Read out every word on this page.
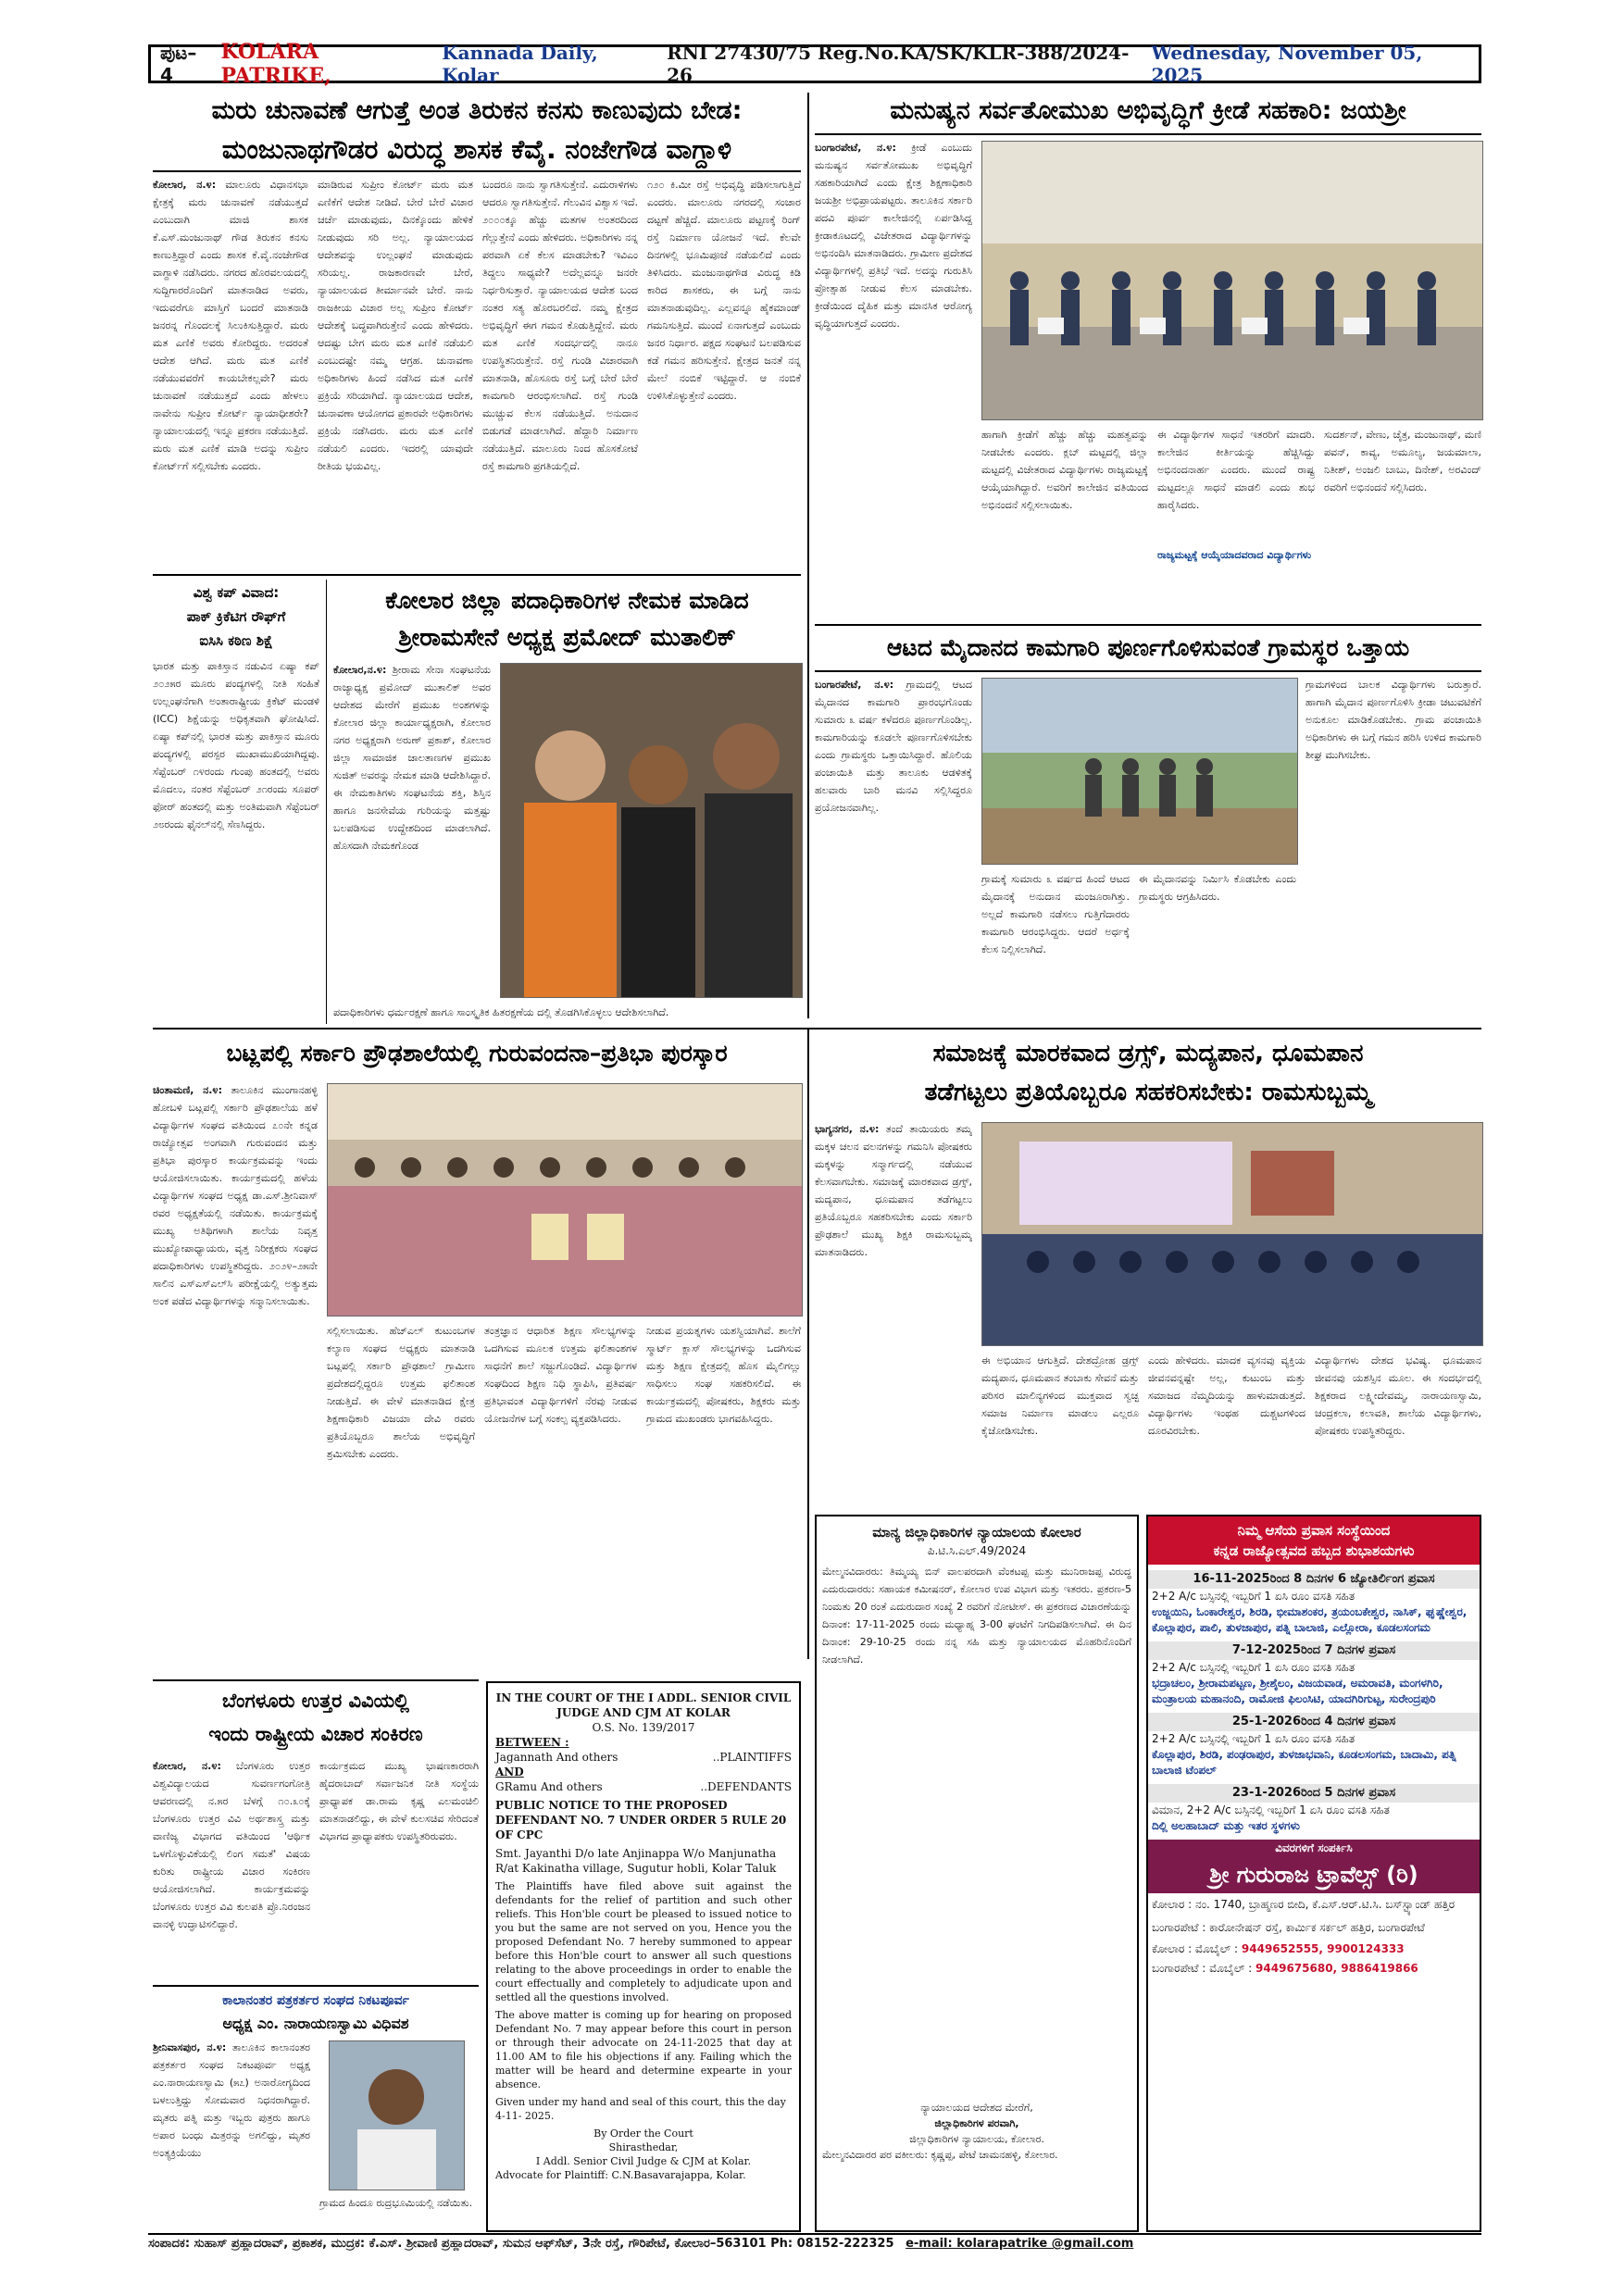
ಪುಟ–4
KOLARA PATRIKE,
Kannada Daily, Kolar
RNI 27430/75 Reg.No.KA/SK/KLR-388/2024-26
Wednesday, November 05, 2025
ಮರು ಚುನಾವಣೆ ಆಗುತ್ತೆ ಅಂತ ತಿರುಕನ ಕನಸು ಕಾಣುವುದು ಬೇಡ:
ಮಂಜುನಾಥಗೌಡರ ವಿರುದ್ಧ ಶಾಸಕ ಕೆವೈ. ನಂಜೇಗೌಡ ವಾಗ್ದಾಳಿ
ಕೋಲಾರ, ನ.೪: ಮಾಲೂರು ವಿಧಾನಸಭಾ ಕ್ಷೇತ್ರಕ್ಕೆ ಮರು ಚುನಾವಣೆ ನಡೆಯುತ್ತದೆ ಎಂಬುದಾಗಿ ಮಾಜಿ ಶಾಸಕ ಕೆ.ಎಸ್.ಮಂಜುನಾಥ್ ಗೌಡ ತಿರುಕನ ಕನಸು ಕಾಣುತ್ತಿದ್ದಾರೆ ಎಂದು ಶಾಸಕ ಕೆ.ವೈ.ನಂಜೇಗೌಡ ವಾಗ್ದಾಳಿ ನಡೆಸಿದರು. ನಗರದ ಹೊರವಲಯದಲ್ಲಿ ಸುದ್ದಿಗಾರರೊಂದಿಗೆ ಮಾತನಾಡಿದ ಅವರು, ಇದುವರೆಗೂ ಮಾಸ್ತಿಗೆ ಬಂದರೆ ಮಾತನಾಡಿ ಜನರನ್ನ ಗೊಂದಲಕ್ಕೆ ಸಿಲುಕಿಸುತ್ತಿದ್ದಾರೆ. ಮರು ಮತ ಎಣಿಕೆ ಅವರು ಕೋರಿದ್ದರು. ಅದರಂತೆ ಆದೇಶ ಆಗಿದೆ. ಮರು ಮತ ಎಣಿಕೆ ನಡೆಯುವವರೆಗೆ ಕಾಯಬೇಕಲ್ಲವೇ? ಮರು ಚುನಾವಣೆ ನಡೆಯುತ್ತದೆ ಎಂದು ಹೇಳಲು ನಾವೇನು ಸುಪ್ರೀಂ ಕೋರ್ಟ್ ನ್ಯಾಯಾಧೀಶರೇ? ನ್ಯಾಯಾಲಯದಲ್ಲಿ ಇನ್ನೂ ಪ್ರಕರಣ ನಡೆಯುತ್ತಿದೆ. ಮರು ಮತ ಎಣಿಕೆ ಮಾಡಿ ಅದನ್ನು ಸುಪ್ರೀಂ ಕೋರ್ಟ್‌ಗೆ ಸಲ್ಲಿಸಬೇಕು ಎಂದರು.
ಮಾಡಿರುವ ಸುಪ್ರೀಂ ಕೋರ್ಟ್ ಮರು ಮತ ಎಣಿಕೆಗೆ ಆದೇಶ ನೀಡಿದೆ. ಬೇರೆ ಬೇರೆ ವಿಚಾರ ಚರ್ಚೆ ಮಾಡುವುದು, ದಿನಕ್ಕೊಂದು ಹೇಳಿಕೆ ನೀಡುವುದು ಸರಿ ಅಲ್ಲ. ನ್ಯಾಯಾಲಯದ ಆದೇಶವನ್ನು ಉಲ್ಲಂಘನೆ ಮಾಡುವುದು ಸರಿಯಲ್ಲ. ರಾಜಕಾರಣವೇ ಬೇರೆ, ನ್ಯಾಯಾಲಯದ ತೀರ್ಮಾನವೇ ಬೇರೆ. ನಾನು ರಾಜಕೀಯ ವಿಚಾರ ಅಲ್ಲ ಸುಪ್ರೀಂ ಕೋರ್ಟ್ ಆದೇಶಕ್ಕೆ ಬದ್ಧವಾಗಿರುತ್ತೇನೆ ಎಂದು ಹೇಳಿದರು. ಆದಷ್ಟು ಬೇಗ ಮರು ಮತ ಎಣಿಕೆ ನಡೆಯಲಿ ಎಂಬುದಷ್ಟೇ ನಮ್ಮ ಆಗ್ರಹ. ಚುನಾವಣಾ ಅಧಿಕಾರಿಗಳು ಹಿಂದೆ ನಡೆಸಿದ ಮತ ಎಣಿಕೆ ಪ್ರಕ್ರಿಯೆ ಸರಿಯಾಗಿದೆ. ನ್ಯಾಯಾಲಯದ ಆದೇಶ, ಚುನಾವಣಾ ಆಯೋಗದ ಪ್ರಕಾರವೇ ಅಧಿಕಾರಿಗಳು ಪ್ರಕ್ರಿಯೆ ನಡೆಸಿದರು. ಮರು ಮತ ಎಣಿಕೆ ನಡೆಯಲಿ ಎಂದರು. ಇದರಲ್ಲಿ ಯಾವುದೇ ರೀತಿಯ ಭಯವಿಲ್ಲ.
ಬಂದರೂ ನಾನು ಸ್ವಾಗತಿಸುತ್ತೇನೆ. ಎದುರಾಳಿಗಳು ಆದರೂ ಸ್ವಾಗತಿಸುತ್ತೇನೆ. ಗೆಲುವಿನ ವಿಶ್ವಾಸ ಇದೆ. ೨೦೦೦ಕ್ಕೂ ಹೆಚ್ಚು ಮತಗಳ ಅಂತರದಿಂದ ಗೆಲ್ಲುತ್ತೇನೆ ಎಂದು ಹೇಳಿದರು. ಅಧಿಕಾರಿಗಳು ನನ್ನ ಪರವಾಗಿ ಏಕೆ ಕೆಲಸ ಮಾಡಬೇಕು? ಇವಿಎಂ ತಿದ್ದಲು ಸಾಧ್ಯವೇ? ಅದೆಲ್ಲವನ್ನೂ ಜನರೇ ನಿರ್ಧರಿಸುತ್ತಾರೆ. ನ್ಯಾಯಾಲಯದ ಆದೇಶ ಬಂದ ನಂತರ ಸತ್ಯ ಹೊರಬರಲಿದೆ. ನಮ್ಮ ಕ್ಷೇತ್ರದ ಅಭಿವೃದ್ಧಿಗೆ ಈಗ ಗಮನ ಕೊಡುತ್ತಿದ್ದೇನೆ. ಮರು ಮತ ಎಣಿಕೆ ಸಂದರ್ಭದಲ್ಲಿ ನಾನೂ ಉಪಸ್ಥಿತನಿರುತ್ತೇನೆ. ರಸ್ತೆ ಗುಂಡಿ ವಿಚಾರವಾಗಿ ಮಾತನಾಡಿ, ಹೊಸೂರು ರಸ್ತೆ ಬಗ್ಗೆ ಬೇರೆ ಬೇರೆ ಕಾಮಗಾರಿ ಆರಂಭಿಸಲಾಗಿದೆ. ರಸ್ತೆ ಗುಂಡಿ ಮುಚ್ಚುವ ಕೆಲಸ ನಡೆಯುತ್ತಿದೆ. ಅನುದಾನ ಬಿಡುಗಡೆ ಮಾಡಲಾಗಿದೆ. ಹೆದ್ದಾರಿ ನಿರ್ಮಾಣ ನಡೆಯುತ್ತಿದೆ. ಮಾಲೂರು ನಿಂದ ಹೊಸಕೋಟೆ ರಸ್ತೆ ಕಾಮಗಾರಿ ಪ್ರಗತಿಯಲ್ಲಿದೆ.
೧೨೦ ಕಿ.ಮೀ ರಸ್ತೆ ಅಭಿವೃದ್ಧಿ ಪಡಿಸಲಾಗುತ್ತಿದೆ ಎಂದರು. ಮಾಲೂರು ನಗರದಲ್ಲಿ ಸಂಚಾರ ದಟ್ಟಣೆ ಹೆಚ್ಚಿದೆ. ಮಾಲೂರು ಪಟ್ಟಣಕ್ಕೆ ರಿಂಗ್ ರಸ್ತೆ ನಿರ್ಮಾಣ ಯೋಜನೆ ಇದೆ. ಕೆಲವೇ ದಿನಗಳಲ್ಲಿ ಭೂಮಿಪೂಜೆ ನಡೆಯಲಿದೆ ಎಂದು ತಿಳಿಸಿದರು. ಮಂಜುನಾಥಗೌಡ ವಿರುದ್ಧ ಕಿಡಿ ಕಾರಿದ ಶಾಸಕರು, ಈ ಬಗ್ಗೆ ನಾನು ಮಾತನಾಡುವುದಿಲ್ಲ. ಎಲ್ಲವನ್ನೂ ಹೈಕಮಾಂಡ್ ಗಮನಿಸುತ್ತಿದೆ. ಮುಂದೆ ಏನಾಗುತ್ತದೆ ಎಂಬುದು ಜನರ ನಿರ್ಧಾರ. ಪಕ್ಷದ ಸಂಘಟನೆ ಬಲಪಡಿಸುವ ಕಡೆ ಗಮನ ಹರಿಸುತ್ತೇನೆ. ಕ್ಷೇತ್ರದ ಜನತೆ ನನ್ನ ಮೇಲೆ ನಂಬಿಕೆ ಇಟ್ಟಿದ್ದಾರೆ. ಆ ನಂಬಿಕೆ ಉಳಿಸಿಕೊಳ್ಳುತ್ತೇನೆ ಎಂದರು.
ಮನುಷ್ಯನ ಸರ್ವತೋಮುಖ ಅಭಿವೃದ್ಧಿಗೆ ಕ್ರೀಡೆ ಸಹಕಾರಿ: ಜಯಶ್ರೀ
ಬಂಗಾರಪೇಟೆ, ನ.೪: ಕ್ರೀಡೆ ಎಂಬುದು ಮನುಷ್ಯನ ಸರ್ವತೋಮುಖ ಅಭಿವೃದ್ಧಿಗೆ ಸಹಕಾರಿಯಾಗಿದೆ ಎಂದು ಕ್ಷೇತ್ರ ಶಿಕ್ಷಣಾಧಿಕಾರಿ ಜಯಶ್ರೀ ಅಭಿಪ್ರಾಯಪಟ್ಟರು. ತಾಲೂಕಿನ ಸರ್ಕಾರಿ ಪದವಿ ಪೂರ್ವ ಕಾಲೇಜಿನಲ್ಲಿ ಏರ್ಪಡಿಸಿದ್ದ ಕ್ರೀಡಾಕೂಟದಲ್ಲಿ ವಿಜೇತರಾದ ವಿದ್ಯಾರ್ಥಿಗಳನ್ನು ಅಭಿನಂದಿಸಿ ಮಾತನಾಡಿದರು. ಗ್ರಾಮೀಣ ಪ್ರದೇಶದ ವಿದ್ಯಾರ್ಥಿಗಳಲ್ಲಿ ಪ್ರತಿಭೆ ಇದೆ. ಅದನ್ನು ಗುರುತಿಸಿ ಪ್ರೋತ್ಸಾಹ ನೀಡುವ ಕೆಲಸ ಮಾಡಬೇಕು. ಕ್ರೀಡೆಯಿಂದ ದೈಹಿಕ ಮತ್ತು ಮಾನಸಿಕ ಆರೋಗ್ಯ ವೃದ್ಧಿಯಾಗುತ್ತದೆ ಎಂದರು.
ಹಾಗಾಗಿ ಕ್ರೀಡೆಗೆ ಹೆಚ್ಚು ಹೆಚ್ಚು ಮಹತ್ವವನ್ನು ನೀಡಬೇಕು ಎಂದರು. ಕ್ಲಬ್ ಮಟ್ಟದಲ್ಲಿ ಜಿಲ್ಲಾ ಮಟ್ಟದಲ್ಲಿ ವಿಜೇತರಾದ ವಿದ್ಯಾರ್ಥಿಗಳು ರಾಜ್ಯಮಟ್ಟಕ್ಕೆ ಆಯ್ಕೆಯಾಗಿದ್ದಾರೆ. ಅವರಿಗೆ ಕಾಲೇಜಿನ ವತಿಯಿಂದ ಅಭಿನಂದನೆ ಸಲ್ಲಿಸಲಾಯಿತು.
ಈ ವಿದ್ಯಾರ್ಥಿಗಳ ಸಾಧನೆ ಇತರರಿಗೆ ಮಾದರಿ. ಕಾಲೇಜಿನ ಕೀರ್ತಿಯನ್ನು ಹೆಚ್ಚಿಸಿದ್ದು ಅಭಿನಂದನಾರ್ಹ ಎಂದರು. ಮುಂದೆ ರಾಷ್ಟ್ರ ಮಟ್ಟದಲ್ಲೂ ಸಾಧನೆ ಮಾಡಲಿ ಎಂದು ಶುಭ ಹಾರೈಸಿದರು.
ರಾಜ್ಯಮಟ್ಟಕ್ಕೆ ಆಯ್ಕೆಯಾದವರಾದ ವಿದ್ಯಾರ್ಥಿಗಳು
ಸುದರ್ಶನ್, ವೇಣು, ಚೈತ್ರ, ಮಂಜುನಾಥ್, ಮಣಿ ಪವನ್, ಕಾವ್ಯ, ಅಮೂಲ್ಯ, ಜಯಮಾಲಾ, ನಿತೀಶ್, ಅಂಜಲಿ ಬಾಬು, ದಿನೇಶ್, ಅರವಿಂದ್ ರವರಿಗೆ ಅಭಿನಂದನೆ ಸಲ್ಲಿಸಿದರು.
ಆಟದ ಮೈದಾನದ ಕಾಮಗಾರಿ ಪೂರ್ಣಗೊಳಿಸುವಂತೆ ಗ್ರಾಮಸ್ಥರ ಒತ್ತಾಯ
ಬಂಗಾರಪೇಟೆ, ನ.೪: ಗ್ರಾಮದಲ್ಲಿ ಆಟದ ಮೈದಾನದ ಕಾಮಗಾರಿ ಪ್ರಾರಂಭಗೊಂಡು ಸುಮಾರು ೩ ವರ್ಷ ಕಳೆದರೂ ಪೂರ್ಣಗೊಂಡಿಲ್ಲ. ಕಾಮಗಾರಿಯನ್ನು ಕೂಡಲೇ ಪೂರ್ಣಗೊಳಿಸಬೇಕು ಎಂದು ಗ್ರಾಮಸ್ಥರು ಒತ್ತಾಯಿಸಿದ್ದಾರೆ. ಹೊಲಿಯ ಪಂಚಾಯಿತಿ ಮತ್ತು ತಾಲೂಕು ಆಡಳಿತಕ್ಕೆ ಹಲವಾರು ಬಾರಿ ಮನವಿ ಸಲ್ಲಿಸಿದ್ದರೂ ಪ್ರಯೋಜನವಾಗಿಲ್ಲ.
ಗ್ರಾಮಕ್ಕೆ ಸುಮಾರು ೩ ವರ್ಷದ ಹಿಂದೆ ಆಟದ ಮೈದಾನಕ್ಕೆ ಅನುದಾನ ಮಂಜೂರಾಗಿತ್ತು. ಅಲ್ಲದೆ ಕಾಮಗಾರಿ ನಡೆಸಲು ಗುತ್ತಿಗೆದಾರರು ಕಾಮಗಾರಿ ಆರಂಭಿಸಿದ್ದರು. ಆದರೆ ಅರ್ಧಕ್ಕೆ ಕೆಲಸ ನಿಲ್ಲಿಸಲಾಗಿದೆ.
ಈ ಮೈದಾನವನ್ನು ನಿರ್ಮಿಸಿ ಕೊಡಬೇಕು ಎಂದು ಗ್ರಾಮಸ್ಥರು ಆಗ್ರಹಿಸಿದರು.
ಗ್ರಾಮಗಳಿಂದ ಬಾಲಕ ವಿದ್ಯಾರ್ಥಿಗಳು ಬರುತ್ತಾರೆ. ಹಾಗಾಗಿ ಮೈದಾನ ಪೂರ್ಣಗೊಳಿಸಿ ಕ್ರೀಡಾ ಚಟುವಟಿಕೆಗೆ ಅನುಕೂಲ ಮಾಡಿಕೊಡಬೇಕು. ಗ್ರಾಮ ಪಂಚಾಯಿತಿ ಅಧಿಕಾರಿಗಳು ಈ ಬಗ್ಗೆ ಗಮನ ಹರಿಸಿ ಉಳಿದ ಕಾಮಗಾರಿ ಶೀಘ್ರ ಮುಗಿಸಬೇಕು.
ವಿಶ್ವ ಕಪ್ ವಿವಾದ:
ಪಾಕ್ ಕ್ರಿಕೆಟಿಗ ರೌಫ್‌ಗೆ
ಐಸಿಸಿ ಕಠಿಣ ಶಿಕ್ಷೆ
ಭಾರತ ಮತ್ತು ಪಾಕಿಸ್ತಾನ ನಡುವಿನ ಏಷ್ಯಾ ಕಪ್ ೨೦೨೫ರ ಮೂರು ಪಂದ್ಯಗಳಲ್ಲಿ ನೀತಿ ಸಂಹಿತೆ ಉಲ್ಲಂಘನೆಗಾಗಿ ಅಂತಾರಾಷ್ಟ್ರೀಯ ಕ್ರಿಕೆಟ್ ಮಂಡಳಿ (ICC) ಶಿಕ್ಷೆಯನ್ನು ಅಧಿಕೃತವಾಗಿ ಘೋಷಿಸಿದೆ. ಏಷ್ಯಾ ಕಪ್‌ನಲ್ಲಿ ಭಾರತ ಮತ್ತು ಪಾಕಿಸ್ತಾನ ಮೂರು ಪಂದ್ಯಗಳಲ್ಲಿ ಪರಸ್ಪರ ಮುಖಾಮುಖಿಯಾಗಿದ್ದವು. ಸೆಪ್ಟೆಂಬರ್ ೧೪ರಂದು ಗುಂಪು ಹಂತದಲ್ಲಿ ಅವರು ಮೊದಲು, ನಂತರ ಸೆಪ್ಟೆಂಬರ್ ೨೧ರಂದು ಸೂಪರ್ ಫೋರ್ ಹಂತದಲ್ಲಿ ಮತ್ತು ಅಂತಿಮವಾಗಿ ಸೆಪ್ಟೆಂಬರ್ ೨೮ರಂದು ಫೈನಲ್‌ನಲ್ಲಿ ಸೆಣಸಿದ್ದರು.
ಕೋಲಾರ ಜಿಲ್ಲಾ ಪದಾಧಿಕಾರಿಗಳ ನೇಮಕ ಮಾಡಿದ
ಶ್ರೀರಾಮಸೇನೆ ಅಧ್ಯಕ್ಷ ಪ್ರಮೋದ್ ಮುತಾಲಿಕ್
ಕೋಲಾರ,ನ.೪: ಶ್ರೀರಾಮ ಸೇನಾ ಸಂಘಟನೆಯ ರಾಜ್ಯಾಧ್ಯಕ್ಷ ಪ್ರಮೋದ್ ಮುತಾಲಿಕ್ ಅವರ ಆದೇಶದ ಮೇರೆಗೆ ಪ್ರಮುಖ ಅಂಶಗಳನ್ನು ಕೋಲಾರ ಜಿಲ್ಲಾ ಕಾರ್ಯಾಧ್ಯಕ್ಷರಾಗಿ, ಕೋಲಾರ ನಗರ ಅಧ್ಯಕ್ಷರಾಗಿ ಅರುಣ್ ಪ್ರಕಾಶ್, ಕೋಲಾರ ಜಿಲ್ಲಾ ಸಾಮಾಜಿಕ ಜಾಲತಾಣಗಳ ಪ್ರಮುಖ ಸುಜಿತ್ ಅವರನ್ನು ನೇಮಕ ಮಾಡಿ ಆದೇಶಿಸಿದ್ದಾರೆ. ಈ ನೇಮಕಾತಿಗಳು ಸಂಘಟನೆಯ ಶಕ್ತಿ, ಶಿಸ್ತಿನ ಹಾಗೂ ಜನಸೇವೆಯ ಗುರಿಯನ್ನು ಮತ್ತಷ್ಟು ಬಲಪಡಿಸುವ ಉದ್ದೇಶದಿಂದ ಮಾಡಲಾಗಿದೆ. ಹೊಸದಾಗಿ ನೇಮಕಗೊಂಡ
ಪದಾಧಿಕಾರಿಗಳು ಧರ್ಮರಕ್ಷಣೆ ಹಾಗೂ ಸಾಂಸ್ಕೃತಿಕ ಹಿತರಕ್ಷಣೆಯ ದಲ್ಲಿ ತೊಡಗಿಸಿಕೊಳ್ಳಲು ಆದೇಶಿಸಲಾಗಿದೆ.
ಬಟ್ಲಪಲ್ಲಿ ಸರ್ಕಾರಿ ಪ್ರೌಢಶಾಲೆಯಲ್ಲಿ ಗುರುವಂದನಾ–ಪ್ರತಿಭಾ ಪುರಸ್ಕಾರ
ಚಿಂತಾಮಣಿ, ನ.೪: ತಾಲೂಕಿನ ಮುಂಗಾನಹಳ್ಳಿ ಹೋಬಳಿ ಬಟ್ಲಪಲ್ಲಿ ಸರ್ಕಾರಿ ಪ್ರೌಢಶಾಲೆಯ ಹಳೆ ವಿದ್ಯಾರ್ಥಿಗಳ ಸಂಘದ ವತಿಯಿಂದ ೭೦ನೇ ಕನ್ನಡ ರಾಜ್ಯೋತ್ಸವ ಅಂಗವಾಗಿ ಗುರುವಂದನ ಮತ್ತು ಪ್ರತಿಭಾ ಪುರಸ್ಕಾರ ಕಾರ್ಯಕ್ರಮವನ್ನು ಇಂದು ಆಯೋಜಿಸಲಾಯಿತು. ಕಾರ್ಯಕ್ರಮದಲ್ಲಿ ಹಳೆಯ ವಿದ್ಯಾರ್ಥಿಗಳ ಸಂಘದ ಅಧ್ಯಕ್ಷ ಡಾ.ಎಸ್.ಶ್ರೀನಿವಾಸ್ ರವರ ಅಧ್ಯಕ್ಷತೆಯಲ್ಲಿ ನಡೆಯಿತು. ಕಾರ್ಯಕ್ರಮಕ್ಕೆ ಮುಖ್ಯ ಅತಿಥಿಗಳಾಗಿ ಶಾಲೆಯ ನಿವೃತ್ತ ಮುಖ್ಯೋಪಾಧ್ಯಾಯರು, ವೃತ್ತ ನಿರೀಕ್ಷಕರು ಸಂಘದ ಪದಾಧಿಕಾರಿಗಳು ಉಪಸ್ಥಿತರಿದ್ದರು. ೨೦೨೪–೨೫ನೇ ಸಾಲಿನ ಎಸ್‌ಎಸ್‌ಎಲ್‌ಸಿ ಪರೀಕ್ಷೆಯಲ್ಲಿ ಅತ್ಯುತ್ತಮ ಅಂಕ ಪಡೆದ ವಿದ್ಯಾರ್ಥಿಗಳನ್ನು ಸನ್ಮಾನಿಸಲಾಯಿತು.
ಸಲ್ಲಿಸಲಾಯಿತು. ಹೆಚ್ಎಲ್ ಕುಟುಂಬಗಳ ಕಲ್ಯಾಣ ಸಂಘದ ಅಧ್ಯಕ್ಷರು ಮಾತನಾಡಿ ಬಟ್ಲಪಲ್ಲಿ ಸರ್ಕಾರಿ ಪ್ರೌಢಶಾಲೆ ಗ್ರಾಮೀಣ ಪ್ರದೇಶದಲ್ಲಿದ್ದರೂ ಉತ್ತಮ ಫಲಿತಾಂಶ ನೀಡುತ್ತಿದೆ. ಈ ವೇಳೆ ಮಾತನಾಡಿದ ಕ್ಷೇತ್ರ ಶಿಕ್ಷಣಾಧಿಕಾರಿ ವಿಜಯಾ ದೇವಿ ರವರು ಪ್ರತಿಯೊಬ್ಬರೂ ಶಾಲೆಯ ಅಭಿವೃದ್ಧಿಗೆ ಶ್ರಮಿಸಬೇಕು ಎಂದರು.
ತಂತ್ರಜ್ಞಾನ ಆಧಾರಿತ ಶಿಕ್ಷಣ ಸೌಲಭ್ಯಗಳನ್ನು ಒದಗಿಸುವ ಮೂಲಕ ಉತ್ತಮ ಫಲಿತಾಂಶಗಳ ಸಾಧನೆಗೆ ಶಾಲೆ ಸಜ್ಜುಗೊಂಡಿದೆ. ವಿದ್ಯಾರ್ಥಿಗಳ ಸಂಘದಿಂದ ಶಿಕ್ಷಣ ನಿಧಿ ಸ್ಥಾಪಿಸಿ, ಪ್ರತಿವರ್ಷ ಪ್ರತಿಭಾವಂತ ವಿದ್ಯಾರ್ಥಿಗಳಿಗೆ ನೆರವು ನೀಡುವ ಯೋಜನೆಗಳ ಬಗ್ಗೆ ಸಂಕಲ್ಪ ವ್ಯಕ್ತಪಡಿಸಿದರು.
ನೀಡುವ ಪ್ರಯತ್ನಗಳು ಯಶಸ್ವಿಯಾಗಿವೆ. ಶಾಲೆಗೆ ಸ್ಮಾರ್ಟ್ ಕ್ಲಾಸ್ ಸೌಲಭ್ಯಗಳನ್ನು ಒದಗಿಸುವ ಮತ್ತು ಶಿಕ್ಷಣ ಕ್ಷೇತ್ರದಲ್ಲಿ ಹೊಸ ಮೈಲಿಗಲ್ಲು ಸಾಧಿಸಲು ಸಂಘ ಸಹಕರಿಸಲಿದೆ. ಈ ಕಾರ್ಯಕ್ರಮದಲ್ಲಿ ಪೋಷಕರು, ಶಿಕ್ಷಕರು ಮತ್ತು ಗ್ರಾಮದ ಮುಖಂಡರು ಭಾಗವಹಿಸಿದ್ದರು.
ಸಮಾಜಕ್ಕೆ ಮಾರಕವಾದ ಡ್ರಗ್ಸ್, ಮದ್ಯಪಾನ, ಧೂಮಪಾನ
ತಡೆಗಟ್ಟಲು ಪ್ರತಿಯೊಬ್ಬರೂ ಸಹಕರಿಸಬೇಕು: ರಾಮಸುಬ್ಬಮ್ಮ
ಭಾಗ್ಯನಗರ, ನ.೪: ತಂದೆ ತಾಯಿಯರು ತಮ್ಮ ಮಕ್ಕಳ ಚಲನ ವಲನಗಳನ್ನು ಗಮನಿಸಿ ಪೋಷಕರು ಮಕ್ಕಳನ್ನು ಸನ್ಮಾರ್ಗದಲ್ಲಿ ನಡೆಯುವ ಕೆಲಸವಾಗಬೇಕು. ಸಮಾಜಕ್ಕೆ ಮಾರಕವಾದ ಡ್ರಗ್ಸ್, ಮದ್ಯಪಾನ, ಧೂಮಪಾನ ತಡೆಗಟ್ಟಲು ಪ್ರತಿಯೊಬ್ಬರೂ ಸಹಕರಿಸಬೇಕು ಎಂದು ಸರ್ಕಾರಿ ಪ್ರೌಢಶಾಲೆ ಮುಖ್ಯ ಶಿಕ್ಷಕಿ ರಾಮಸುಬ್ಬಮ್ಮ ಮಾತನಾಡಿದರು.
ಈ ಅಭಿಯಾನ ಆಗುತ್ತಿದೆ. ದೇಶದ್ರೋಹ ಡ್ರಗ್ಸ್ ಮದ್ಯಪಾನ, ಧೂಮಪಾನ ತಂಬಾಕು ಸೇವನೆ ಮತ್ತು ಪರಿಸರ ಮಾಲಿನ್ಯಗಳಿಂದ ಮುಕ್ತವಾದ ಸ್ವಚ್ಛ ಸಮಾಜ ನಿರ್ಮಾಣ ಮಾಡಲು ಎಲ್ಲರೂ ಕೈಜೋಡಿಸಬೇಕು.
ಎಂದು ಹೇಳಿದರು. ಮಾದಕ ವ್ಯಸನವು ವ್ಯಕ್ತಿಯ ಜೀವನವನ್ನಷ್ಟೇ ಅಲ್ಲ, ಕುಟುಂಬ ಮತ್ತು ಸಮಾಜದ ನೆಮ್ಮದಿಯನ್ನು ಹಾಳುಮಾಡುತ್ತದೆ. ವಿದ್ಯಾರ್ಥಿಗಳು ಇಂಥಹ ದುಶ್ಚಟಗಳಿಂದ ದೂರವಿರಬೇಕು.
ವಿದ್ಯಾರ್ಥಿಗಳು ದೇಶದ ಭವಿಷ್ಯ. ಧೂಮಪಾನ ಜೀವನವು ಯಶಸ್ಸಿನ ಮೂಲ. ಈ ಸಂದರ್ಭದಲ್ಲಿ ಶಿಕ್ಷಕರಾದ ಲಕ್ಷ್ಮೀದೇವಮ್ಮ, ನಾರಾಯಣಸ್ವಾಮಿ, ಚಂದ್ರಕಲಾ, ಕಲಾವತಿ, ಶಾಲೆಯ ವಿದ್ಯಾರ್ಥಿಗಳು, ಪೋಷಕರು ಉಪಸ್ಥಿತರಿದ್ದರು.
ಮಾನ್ಯ ಜಿಲ್ಲಾಧಿಕಾರಿಗಳ ನ್ಯಾಯಾಲಯ ಕೋಲಾರ
ಪಿ.ಟಿ.ಸಿ.ಎಲ್.49/2024
ಮೇಲ್ಮನವಿದಾರರು: ತಿಮ್ಮಯ್ಯ ಬಿನ್ ವಾಲಪರದಾಗಿ ವೆಂಕಟಪ್ಪ ಮತ್ತು ಮುನಿರಾಜಪ್ಪ ವಿರುದ್ಧ ಎದುರುದಾರರು: ಸಹಾಯಕ ಕಮೀಷನರ್, ಕೋಲಾರ ಉಪ ವಿಭಾಗ ಮತ್ತು ಇತರರು. ಪ್ರಕರಣ-5 ನಿಂಮತು 20 ರಂತೆ ಎದುರುದಾರ ಸಂಖ್ಯೆ 2 ರವರಿಗೆ ನೋಟೀಸ್. ಈ ಪ್ರಕರಣದ ವಿಚಾರಣೆಯನ್ನು ದಿನಾಂಕ: 17-11-2025 ರಂದು ಮಧ್ಯಾಹ್ನ 3-00 ಘಂಟೆಗೆ ನಿಗದಿಪಡಿಸಲಾಗಿದೆ. ಈ ದಿನ ದಿನಾಂಕ: 29-10-25 ರಂದು ನನ್ನ ಸಹಿ ಮತ್ತು ನ್ಯಾಯಾಲಯದ ಮೊಹರಿನೊಂದಿಗೆ ನೀಡಲಾಗಿದೆ.
ನ್ಯಾಯಾಲಯದ ಆದೇಶದ ಮೇರೆಗೆ,
ಜಿಲ್ಲಾಧಿಕಾರಿಗಳ ಪರವಾಗಿ,
ಜಿಲ್ಲಾಧಿಕಾರಿಗಳ ನ್ಯಾಯಾಲಯ, ಕೋಲಾರ.
ಮೇಲ್ಮನವಿದಾರರ ಪರ ವಕೀಲರು: ಕೃಷ್ಣಪ್ಪ, ಪೇಟೆ ಚಾಮನಹಳ್ಳಿ, ಕೋಲಾರ.
ನಿಮ್ಮ ಆಸೆಯ ಪ್ರವಾಸ ಸಂಸ್ಥೆಯಿಂದ
ಕನ್ನಡ ರಾಜ್ಯೋತ್ಸವದ ಹಬ್ಬದ ಶುಭಾಶಯಗಳು
16-11-2025ರಿಂದ 8 ದಿನಗಳ 6 ಜ್ಯೋತಿರ್ಲಿಂಗ ಪ್ರವಾಸ
2+2 A/c ಬಸ್ಸಿನಲ್ಲಿ ಇಬ್ಬರಿಗೆ 1 ಏಸಿ ರೂಂ ವಸತಿ ಸಹಿತ
ಉಜ್ಜಯಿನಿ, ಓಂಕಾರೇಶ್ವರ, ಶಿರಡಿ, ಭೀಮಾಶಂಕರ, ತ್ರಯಂಬಕೇಶ್ವರ, ನಾಸಿಕ್, ಘೃಷ್ಣೇಶ್ವರ, ಕೊಲ್ಲಾಪುರ, ಪಾಲಿ, ತುಳಜಾಪುರ, ಪತ್ನಿ ಬಾಲಾಜಿ, ಎಲ್ಲೋರಾ, ಕೂಡಲಸಂಗಮ
7-12-2025ರಿಂದ 7 ದಿನಗಳ ಪ್ರವಾಸ
2+2 A/c ಬಸ್ಸಿನಲ್ಲಿ ಇಬ್ಬರಿಗೆ 1 ಏಸಿ ರೂಂ ವಸತಿ ಸಹಿತ
ಭದ್ರಾಚಲಂ, ಶ್ರೀರಾಮಪಟ್ಟಣ, ಶ್ರೀಶೈಲಂ, ವಿಜಯವಾಡ, ಅಮರಾವತಿ, ಮಂಗಳಗಿರಿ, ಮಂತ್ರಾಲಯ ಮಹಾನಂದಿ, ರಾಮೋಜಿ ಫಿಲಂಸಿಟಿ, ಯಾದಗಿರಿಗುಟ್ಟ, ಸುರೇಂದ್ರಪುರಿ
25-1-2026ರಿಂದ 4 ದಿನಗಳ ಪ್ರವಾಸ
2+2 A/c ಬಸ್ಸಿನಲ್ಲಿ ಇಬ್ಬರಿಗೆ 1 ಏಸಿ ರೂಂ ವಸತಿ ಸಹಿತ
ಕೊಲ್ಲಾಪುರ, ಶಿರಡಿ, ಪಂಢರಾಪುರ, ತುಳಜಾಭವಾನಿ, ಕೂಡಲಸಂಗಮ, ಬಾದಾಮಿ, ಪತ್ನಿ ಬಾಲಾಜಿ ಟೆಂಪಲ್
23-1-2026ರಿಂದ 5 ದಿನಗಳ ಪ್ರವಾಸ
ವಿಮಾನ, 2+2 A/c ಬಸ್ಸಿನಲ್ಲಿ ಇಬ್ಬರಿಗೆ 1 ಏಸಿ ರೂಂ ವಸತಿ ಸಹಿತ
ದಿಲ್ಲಿ ಅಲಹಾಬಾದ್ ಮತ್ತು ಇತರ ಸ್ಥಳಗಳು
ವಿವರಗಳಿಗೆ ಸಂಪರ್ಕಿಸಿ
ಶ್ರೀ ಗುರುರಾಜ ಟ್ರಾವೆಲ್ಸ್ (ರಿ)
ಕೋಲಾರ : ನಂ. 1740, ಬ್ರಾಹ್ಮಣರ ಬೀದಿ, ಕೆ.ಎಸ್.ಆರ್.ಟಿ.ಸಿ. ಬಸ್‌ಸ್ಟ್ಯಾಂಡ್ ಹತ್ತಿರ
ಬಂಗಾರಪೇಟೆ : ಕಾರೋನೇಷನ್ ರಸ್ತೆ, ಕಾರ್ಮಿಕ ಸರ್ಕಲ್ ಹತ್ತಿರ, ಬಂಗಾರಪೇಟೆ
ಕೋಲಾರ : ಮೊಬೈಲ್ : 9449652555, 9900124333
ಬಂಗಾರಪೇಟೆ : ಮೊಬೈಲ್ : 9449675680, 9886419866
IN THE COURT OF THE I ADDL. SENIOR CIVIL JUDGE AND CJM AT KOLAR
O.S. No. 139/2017
BETWEEN :
Jagannath And others	..PLAINTIFFS
AND
GRamu And others	..DEFENDANTS
PUBLIC NOTICE TO THE PROPOSED DEFENDANT NO. 7 UNDER ORDER 5 RULE 20 OF CPC
Smt. Jayanthi D/o late Anjinappa W/o Manjunatha R/at Kakinatha village, Sugutur hobli, Kolar Taluk
The Plaintiffs have filed above suit against the defendants for the relief of partition and such other reliefs. This Hon'ble court be pleased to issued notice to you but the same are not served on you, Hence you the proposed Defendant No. 7 hereby summoned to appear before this Hon'ble court to answer all such questions relating to the above proceedings in order to enable the court effectually and completely to adjudicate upon and settled all the questions involved.
The above matter is coming up for hearing on proposed Defendant No. 7 may appear before this court in person or through their advocate on 24-11-2025 that day at 11.00 AM to file his objections if any. Failing which the matter will be heard and determine expearte in your absence.
Given under my hand and seal of this court, this the day 4-11- 2025.
By Order the Court
Shirasthedar,
I Addl. Senior Civil Judge & CJM at Kolar.
Advocate for Plaintiff: C.N.Basavarajappa, Kolar.
ಬೆಂಗಳೂರು ಉತ್ತರ ವಿವಿಯಲ್ಲಿ
ಇಂದು ರಾಷ್ಟ್ರೀಯ ವಿಚಾರ ಸಂಕಿರಣ
ಕೋಲಾರ, ನ.೪: ಬೆಂಗಳೂರು ಉತ್ತರ ವಿಶ್ವವಿದ್ಯಾಲಯದ ಸುವರ್ಣಗಂಗೋತ್ರಿ ಆವರಣದಲ್ಲಿ ನ.೫ರ ಬೆಳಗ್ಗೆ ೧೦.೩೦ಕ್ಕೆ ಬೆಂಗಳೂರು ಉತ್ತರ ವಿವಿ ಅರ್ಥಶಾಸ್ತ್ರ ಮತ್ತು ವಾಣಿಜ್ಯ ವಿಭಾಗದ ವತಿಯಿಂದ 'ಆರ್ಥಿಕ ಒಳಗೊಳ್ಳುವಿಕೆಯಲ್ಲಿ ಲಿಂಗ ಸಮತೆ' ವಿಷಯ ಕುರಿತು ರಾಷ್ಟ್ರೀಯ ವಿಚಾರ ಸಂಕಿರಣ ಆಯೋಜಿಸಲಾಗಿದೆ. ಕಾರ್ಯಕ್ರಮವನ್ನು ಬೆಂಗಳೂರು ಉತ್ತರ ವಿವಿ ಕುಲಪತಿ ಪ್ರೊ.ನಿರಂಜನ ವಾನಳ್ಳಿ ಉದ್ಘಾಟಿಸಲಿದ್ದಾರೆ.
ಕಾರ್ಯಕ್ರಮದ ಮುಖ್ಯ ಭಾಷಣಕಾರರಾಗಿ ಹೈದರಾಬಾದ್ ಸರ್ವಾಜನಿಕ ನೀತಿ ಸಂಸ್ಥೆಯ ಪ್ರಾಧ್ಯಾಪಕ ಡಾ.ರಾಮ ಕೃಷ್ಣ ಎಲಮಂಚಿಲಿ ಮಾತನಾಡಲಿದ್ದು, ಈ ವೇಳೆ ಕುಲಸಚಿವ ಸೇರಿದಂತೆ ವಿಭಾಗದ ಪ್ರಾಧ್ಯಾಪಕರು ಉಪಸ್ಥಿತರಿರುವರು.
ಕಾಲಾನಂತರ ಪತ್ರಕರ್ತರ ಸಂಘದ ನಿಕಟಪೂರ್ವ
ಅಧ್ಯಕ್ಷ ಎಂ. ನಾರಾಯಣಸ್ವಾಮಿ ವಿಧಿವಶ
ಶ್ರೀನಿವಾಸಪುರ, ನ.೪: ತಾಲೂಕಿನ ಕಾಲಾನಂತರ ಪತ್ರಕರ್ತರ ಸಂಘದ ನಿಕಟಪೂರ್ವ ಅಧ್ಯಕ್ಷ ಎಂ.ನಾರಾಯಣಸ್ವಾಮಿ (೫೭) ಅನಾರೋಗ್ಯದಿಂದ ಬಳಲುತ್ತಿದ್ದು ಸೋಮವಾರ ನಿಧನರಾಗಿದ್ದಾರೆ. ಮೃತರು ಪತ್ನಿ ಮತ್ತು ಇಬ್ಬರು ಪುತ್ರರು ಹಾಗೂ ಅಪಾರ ಬಂಧು ಮಿತ್ರರನ್ನು ಅಗಲಿದ್ದು, ಮೃತರ ಅಂತ್ಯಕ್ರಿಯೆಯು
ಗ್ರಾಮದ ಹಿಂದೂ ರುದ್ರಭೂಮಿಯಲ್ಲಿ ನಡೆಯಿತು.
ಸಂಪಾದಕ: ಸುಹಾಸ್ ಪ್ರಹ್ಲಾದರಾವ್, ಪ್ರಕಾಶಕ, ಮುದ್ರಕ: ಕೆ.ಎಸ್. ಶ್ರೀವಾಣಿ ಪ್ರಹ್ಲಾದರಾವ್, ಸುಮನ ಆಫ್‌ಸೆಟ್, 3ನೇ ರಸ್ತೆ, ಗೌರಿಪೇಟೆ, ಕೋಲಾರ–563101 Ph: 08152-222325 e-mail: kolarapatrike @gmail.com
